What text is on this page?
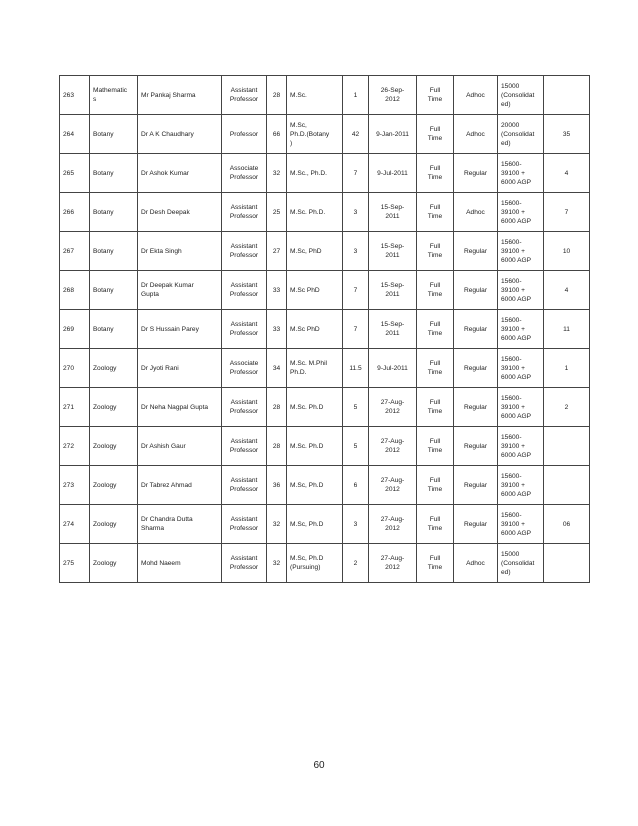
263	Mathematic
s	Mr Pankaj Sharma	Assistant
Professor	28	M.Sc.	1	26-Sep-
2012	Full
Time	Adhoc	15000
(Consolidat
ed)	
264	Botany	Dr A K Chaudhary	Professor	66	M.Sc,
Ph.D.(Botany
)	42	9-Jan-2011	Full
Time	Adhoc	20000
(Consolidat
ed)	35
265	Botany	Dr Ashok Kumar	Associate
Professor	32	M.Sc., Ph.D.	7	9-Jul-2011	Full
Time	Regular	15600-
39100 +
6000 AGP	4
266	Botany	Dr Desh Deepak	Assistant
Professor	25	M.Sc. Ph.D.	3	15-Sep-
2011	Full
Time	Adhoc	15600-
39100 +
6000 AGP	7
267	Botany	Dr Ekta Singh	Assistant
Professor	27	M.Sc, PhD	3	15-Sep-
2011	Full
Time	Regular	15600-
39100 +
6000 AGP	10
268	Botany	Dr Deepak Kumar
Gupta	Assistant
Professor	33	M.Sc PhD	7	15-Sep-
2011	Full
Time	Regular	15600-
39100 +
6000 AGP	4
269	Botany	Dr S Hussain Parey	Assistant
Professor	33	M.Sc PhD	7	15-Sep-
2011	Full
Time	Regular	15600-
39100 +
6000 AGP	11
270	Zoology	Dr Jyoti Rani	Associate
Professor	34	M.Sc. M.Phil
Ph.D.	11.5	9-Jul-2011	Full
Time	Regular	15600-
39100 +
6000 AGP	1
271	Zoology	Dr Neha Nagpal Gupta	Assistant
Professor	28	M.Sc. Ph.D	5	27-Aug-
2012	Full
Time	Regular	15600-
39100 +
6000 AGP	2
272	Zoology	Dr Ashish Gaur	Assistant
Professor	28	M.Sc. Ph.D	5	27-Aug-
2012	Full
Time	Regular	15600-
39100 +
6000 AGP	
273	Zoology	Dr Tabrez Ahmad	Assistant
Professor	36	M.Sc, Ph.D	6	27-Aug-
2012	Full
Time	Regular	15600-
39100 +
6000 AGP	
274	Zoology	Dr Chandra Dutta
Sharma	Assistant
Professor	32	M.Sc, Ph.D	3	27-Aug-
2012	Full
Time	Regular	15600-
39100 +
6000 AGP	06
275	Zoology	Mohd Naeem	Assistant
Professor	32	M.Sc, Ph.D
(Pursuing)	2	27-Aug-
2012	Full
Time	Adhoc	15000
(Consolidat
ed)	
60
